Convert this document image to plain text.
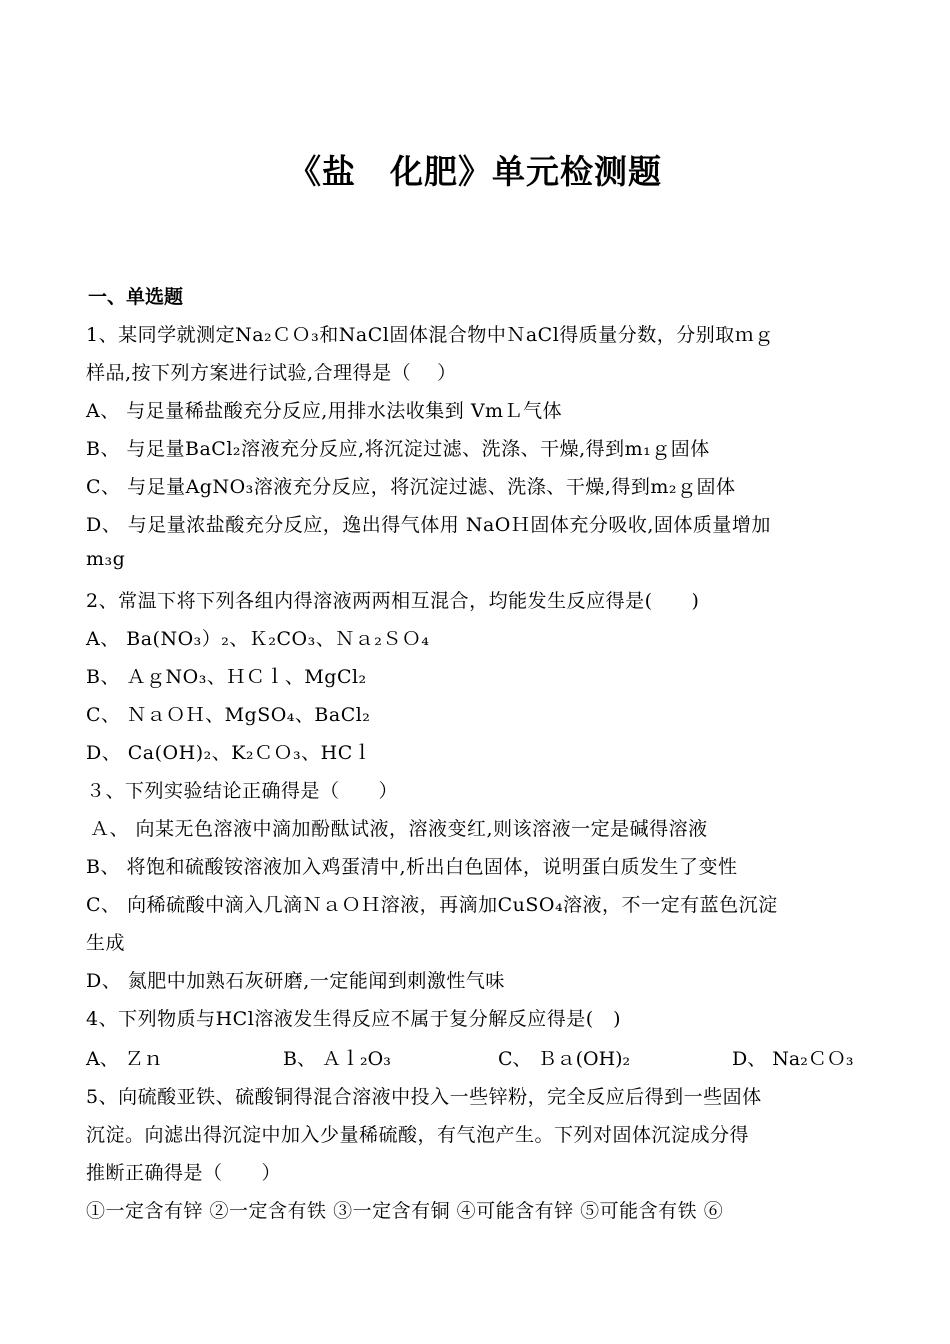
《盐　化肥》单元检测题
一、单选题
1、某同学就测定Na₂ＣＯ₃和NaCl固体混合物中ＮaCl得质量分数，分别取ｍｇ
样品,按下列方案进行试验,合理得是（　 ）
A、 与足量稀盐酸充分反应,用排水法收集到 VmＬ气体
B、 与足量BaCl₂溶液充分反应,将沉淀过滤、洗涤、干燥,得到m₁ｇ固体
C、 与足量AgNO₃溶液充分反应，将沉淀过滤、洗涤、干燥,得到m₂ｇ固体
D、 与足量浓盐酸充分反应，逸出得气体用 NaOＨ固体充分吸收,固体质量增加
m₃g
2、常温下将下列各组内得溶液两两相互混合，均能发生反应得是(　　)
A、 Ba(NO₃）₂、Ｋ₂CO₃、Ｎａ₂ＳＯ₄
B、 ＡｇNO₃、ＨＣｌ、MgCl₂
C、 ＮａＯＨ、MgSO₄、BaCl₂
D、 Ca(OH)₂、K₂ＣＯ₃、HCｌ
３、下列实验结论正确得是（　　）
Ａ、 向某无色溶液中滴加酚酞试液，溶液变红,则该溶液一定是碱得溶液
B、 将饱和硫酸铵溶液加入鸡蛋清中,析出白色固体，说明蛋白质发生了变性
C、 向稀硫酸中滴入几滴ＮａＯＨ溶液，再滴加CuSO₄溶液，不一定有蓝色沉淀
生成
D、 氮肥中加熟石灰研磨,一定能闻到刺激性气味
4、下列物质与HCl溶液发生得反应不属于复分解反应得是(　)
A、 Ｚｎ	B、 Ａｌ₂O₃	C、 Ｂａ(OH)₂	D、 Na₂ＣＯ₃
5、向硫酸亚铁、硫酸铜得混合溶液中投入一些锌粉，完全反应后得到一些固体
沉淀。向滤出得沉淀中加入少量稀硫酸，有气泡产生。下列对固体沉淀成分得
推断正确得是（　　）
①一定含有锌 ②一定含有铁 ③一定含有铜 ④可能含有锌 ⑤可能含有铁 ⑥
